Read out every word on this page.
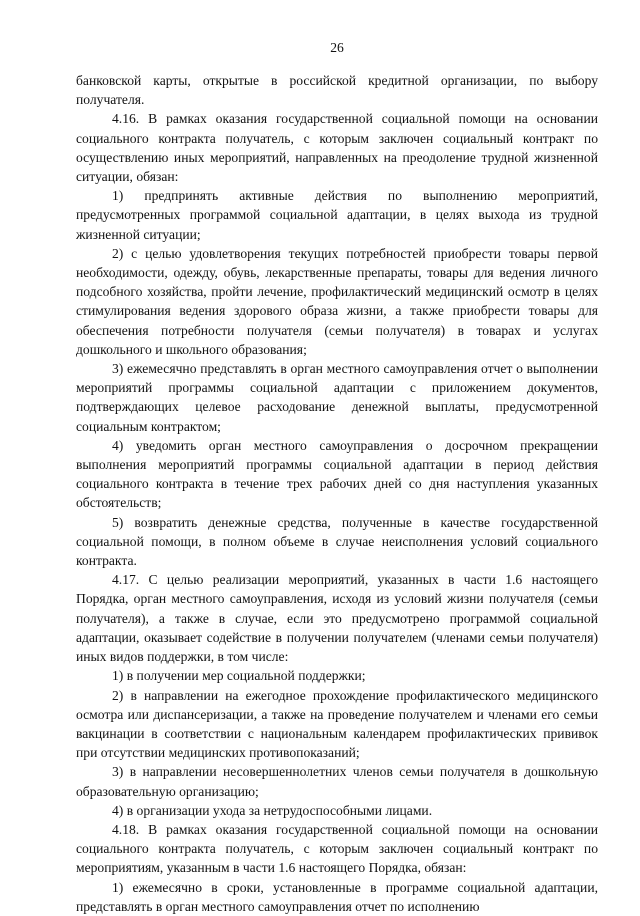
26

банковской карты, открытые в российской кредитной организации, по выбору получателя.

4.16. В рамках оказания государственной социальной помощи на основании социального контракта получатель, с которым заключен социальный контракт по осуществлению иных мероприятий, направленных на преодоление трудной жизненной ситуации, обязан:

1) предпринять активные действия по выполнению мероприятий, предусмотренных программой социальной адаптации, в целях выхода из трудной жизненной ситуации;

2) с целью удовлетворения текущих потребностей приобрести товары первой необходимости, одежду, обувь, лекарственные препараты, товары для ведения личного подсобного хозяйства, пройти лечение, профилактический медицинский осмотр в целях стимулирования ведения здорового образа жизни, а также приобрести товары для обеспечения потребности получателя (семьи получателя) в товарах и услугах дошкольного и школьного образования;

3) ежемесячно представлять в орган местного самоуправления отчет о выполнении мероприятий программы социальной адаптации с приложением документов, подтверждающих целевое расходование денежной выплаты, предусмотренной социальным контрактом;

4) уведомить орган местного самоуправления о досрочном прекращении выполнения мероприятий программы социальной адаптации в период действия социального контракта в течение трех рабочих дней со дня наступления указанных обстоятельств;

5) возвратить денежные средства, полученные в качестве государственной социальной помощи, в полном объеме в случае неисполнения условий социального контракта.

4.17. С целью реализации мероприятий, указанных в части 1.6 настоящего Порядка, орган местного самоуправления, исходя из условий жизни получателя (семьи получателя), а также в случае, если это предусмотрено программой социальной адаптации, оказывает содействие в получении получателем (членами семьи получателя) иных видов поддержки, в том числе:

1) в получении мер социальной поддержки;

2) в направлении на ежегодное прохождение профилактического медицинского осмотра или диспансеризации, а также на проведение получателем и членами его семьи вакцинации в соответствии с национальным календарем профилактических прививок при отсутствии медицинских противопоказаний;

3) в направлении несовершеннолетних членов семьи получателя в дошкольную образовательную организацию;

4) в организации ухода за нетрудоспособными лицами.

4.18. В рамках оказания государственной социальной помощи на основании социального контракта получатель, с которым заключен социальный контракт по мероприятиям, указанным в части 1.6 настоящего Порядка, обязан:

1) ежемесячно в сроки, установленные в программе социальной адаптации, представлять в орган местного самоуправления отчет по исполнению
